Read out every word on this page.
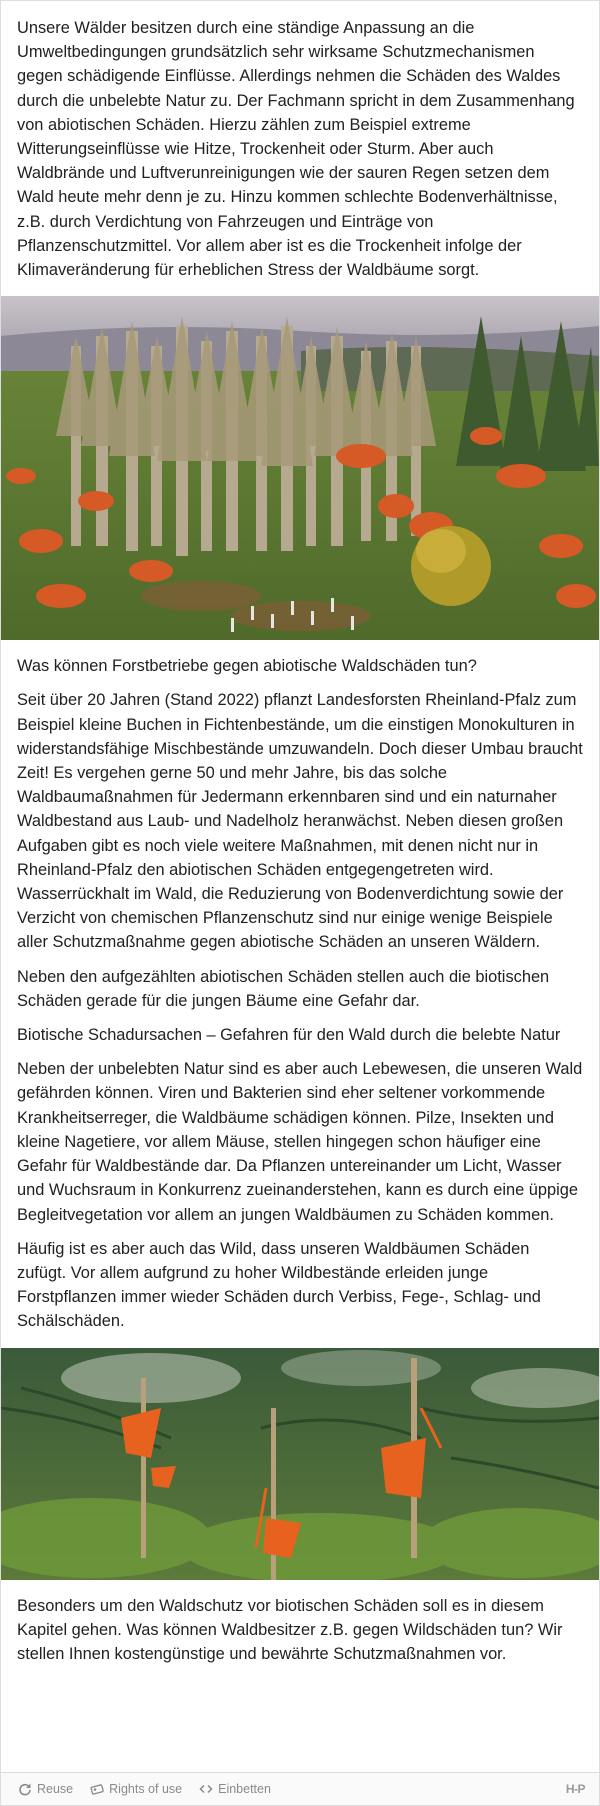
Unsere Wälder besitzen durch eine ständige Anpassung an die Umweltbedingungen grundsätzlich sehr wirksame Schutzmechanismen gegen schädigende Einflüsse. Allerdings nehmen die Schäden des Waldes durch die unbelebte Natur zu. Der Fachmann spricht in dem Zusammenhang von abiotischen Schäden. Hierzu zählen zum Beispiel extreme Witterungseinflüsse wie Hitze, Trockenheit oder Sturm. Aber auch Waldbrände und Luftverunreinigungen wie der sauren Regen setzen dem Wald heute mehr denn je zu. Hinzu kommen schlechte Bodenverhältnisse, z.B. durch Verdichtung von Fahrzeugen und Einträge von Pflanzenschutzmittel. Vor allem aber ist es die Trockenheit infolge der Klimaveränderung für erheblichen Stress der Waldbäume sorgt.

Was können Forstbetriebe gegen abiotische Waldschäden tun?

Seit über 20 Jahren (Stand 2022) pflanzt Landesforsten Rheinland-Pfalz zum Beispiel kleine Buchen in Fichtenbestände, um die einstigen Monokulturen in widerstandsfähige Mischbestände umzuwandeln. Doch dieser Umbau braucht Zeit! Es vergehen gerne 50 und mehr Jahre, bis das solche Waldbaumaßnahmen für Jedermann erkennbaren sind und ein naturnaher Waldbestand aus Laub- und Nadelholz heranwächst. Neben diesen großen Aufgaben gibt es noch viele weitere Maßnahmen, mit denen nicht nur in Rheinland-Pfalz den abiotischen Schäden entgegengetreten wird. Wasserrückhalt im Wald, die Reduzierung von Bodenverdichtung sowie der Verzicht von chemischen Pflanzenschutz sind nur einige wenige Beispiele aller Schutzmaßnahme gegen abiotische Schäden an unseren Wäldern.

Neben den aufgezählten abiotischen Schäden stellen auch die biotischen Schäden gerade für die jungen Bäume eine Gefahr dar.

Biotische Schadursachen – Gefahren für den Wald durch die belebte Natur

Neben der unbelebten Natur sind es aber auch Lebewesen, die unseren Wald gefährden können. Viren und Bakterien sind eher seltener vorkommende Krankheitserreger, die Waldbäume schädigen können. Pilze, Insekten und kleine Nagetiere, vor allem Mäuse, stellen hingegen schon häufiger eine Gefahr für Waldbestände dar. Da Pflanzen untereinander um Licht, Wasser und Wuchsraum in Konkurrenz zueinanderstehen, kann es durch eine üppige Begleitvegetation vor allem an jungen Waldbäumen zu Schäden kommen.

Häufig ist es aber auch das Wild, dass unseren Waldbäumen Schäden zufügt. Vor allem aufgrund zu hoher Wildbestände erleiden junge Forstpflanzen immer wieder Schäden durch Verbiss, Fege-, Schlag- und Schälschäden.

Besonders um den Waldschutz vor biotischen Schäden soll es in diesem Kapitel gehen. Was können Waldbesitzer z.B. gegen Wildschäden tun? Wir stellen Ihnen kostengünstige und bewährte Schutzmaßnahmen vor.

Reuse	Rights of use	Einbetten	H-P
